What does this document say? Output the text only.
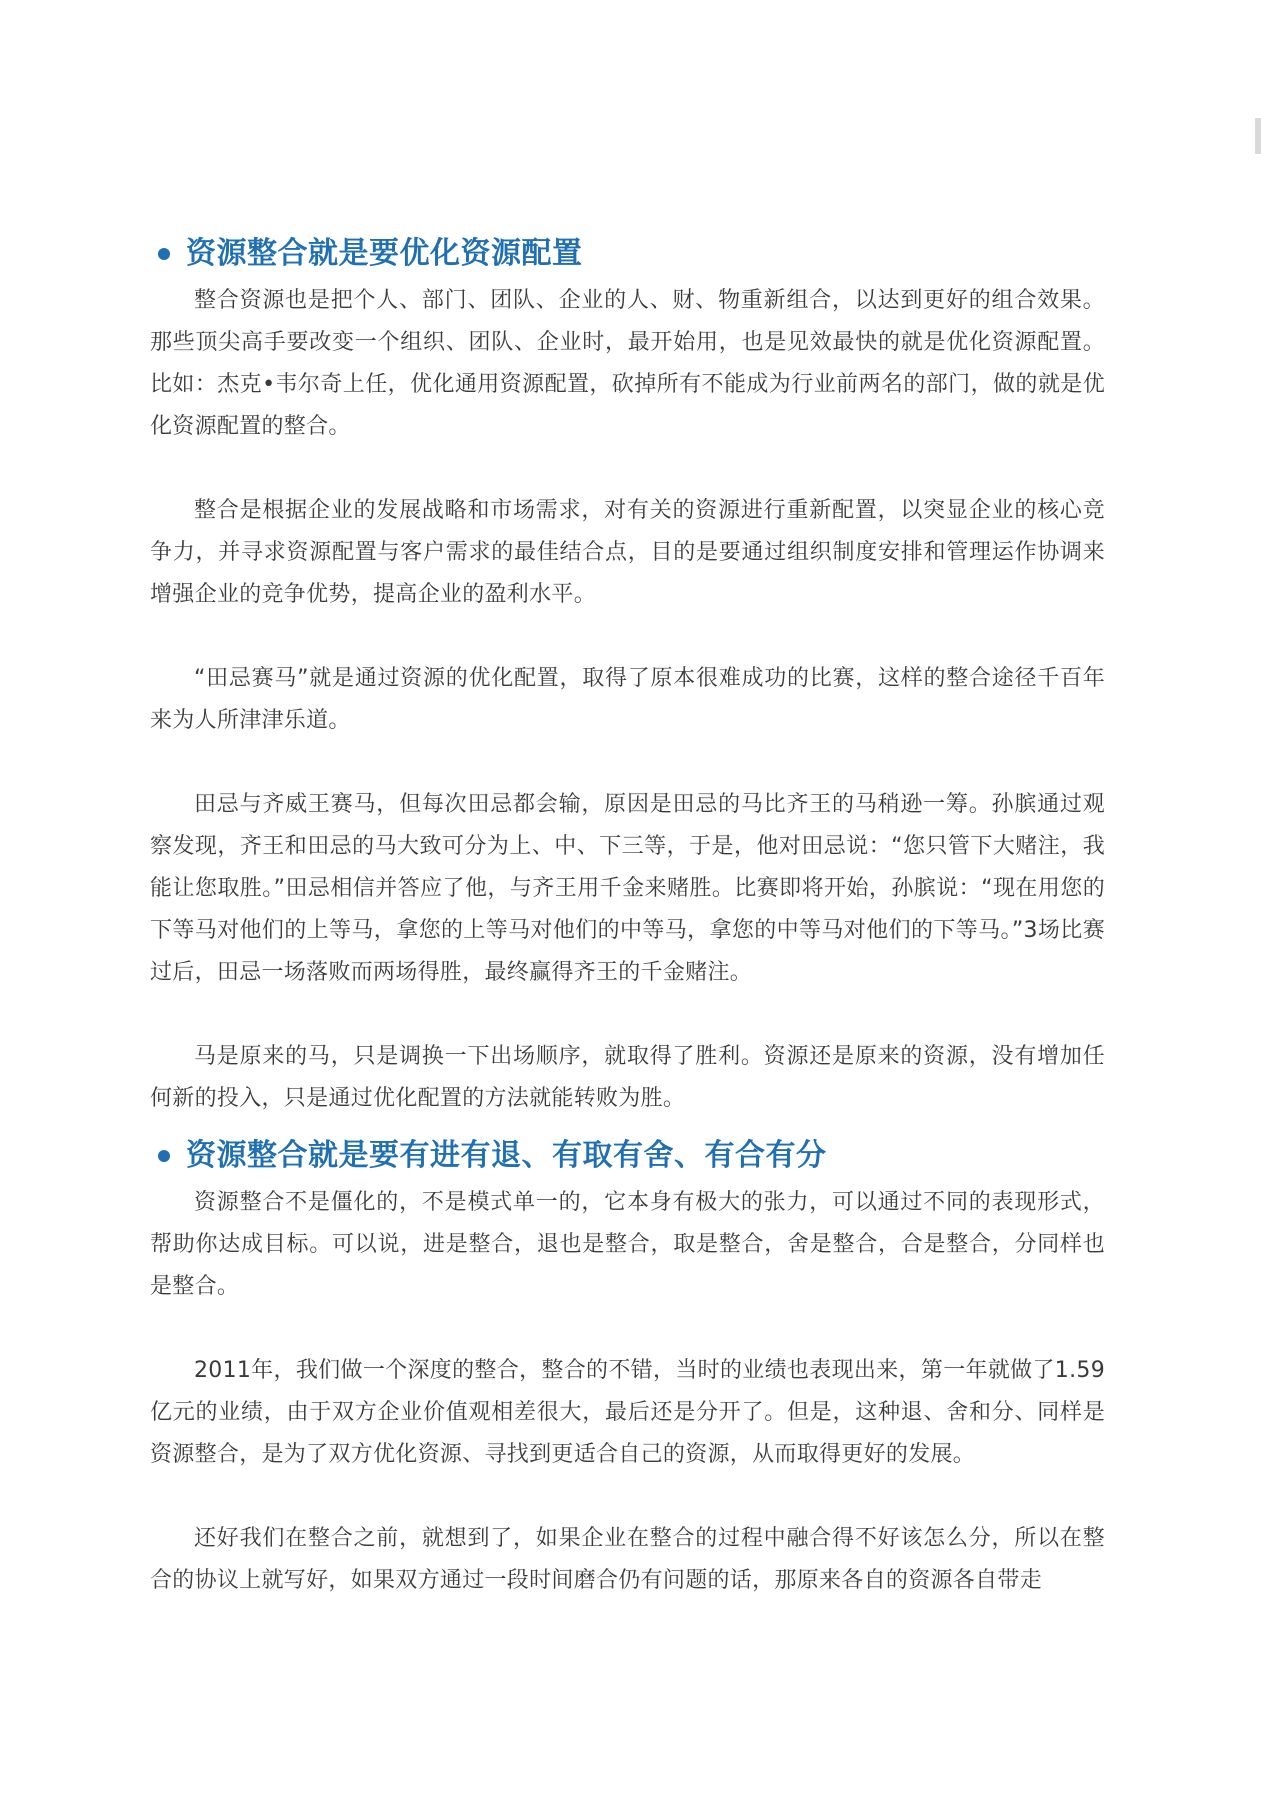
资源整合就是要优化资源配置

整合资源也是把个人、部门、团队、企业的人、财、物重新组合，以达到更好的组合效果。那些顶尖高手要改变一个组织、团队、企业时，最开始用，也是见效最快的就是优化资源配置。比如：杰克•韦尔奇上任，优化通用资源配置，砍掉所有不能成为行业前两名的部门，做的就是优化资源配置的整合。

整合是根据企业的发展战略和市场需求，对有关的资源进行重新配置，以突显企业的核心竞争力，并寻求资源配置与客户需求的最佳结合点，目的是要通过组织制度安排和管理运作协调来增强企业的竞争优势，提高企业的盈利水平。

“田忌赛马”就是通过资源的优化配置，取得了原本很难成功的比赛，这样的整合途径千百年来为人所津津乐道。

田忌与齐威王赛马，但每次田忌都会输，原因是田忌的马比齐王的马稍逊一筹。孙膑通过观察发现，齐王和田忌的马大致可分为上、中、下三等，于是，他对田忌说：“您只管下大赌注，我能让您取胜。”田忌相信并答应了他，与齐王用千金来赌胜。比赛即将开始，孙膑说：“现在用您的下等马对他们的上等马，拿您的上等马对他们的中等马，拿您的中等马对他们的下等马。”3场比赛过后，田忌一场落败而两场得胜，最终赢得齐王的千金赌注。

马是原来的马，只是调换一下出场顺序，就取得了胜利。资源还是原来的资源，没有增加任何新的投入，只是通过优化配置的方法就能转败为胜。

资源整合就是要有进有退、有取有舍、有合有分

资源整合不是僵化的，不是模式单一的，它本身有极大的张力，可以通过不同的表现形式，帮助你达成目标。可以说，进是整合，退也是整合，取是整合，舍是整合，合是整合，分同样也是整合。

2011年，我们做一个深度的整合，整合的不错，当时的业绩也表现出来，第一年就做了1.59亿元的业绩，由于双方企业价值观相差很大，最后还是分开了。但是，这种退、舍和分、同样是资源整合，是为了双方优化资源、寻找到更适合自己的资源，从而取得更好的发展。

还好我们在整合之前，就想到了，如果企业在整合的过程中融合得不好该怎么分，所以在整合的协议上就写好，如果双方通过一段时间磨合仍有问题的话，那原来各自的资源各自带走
